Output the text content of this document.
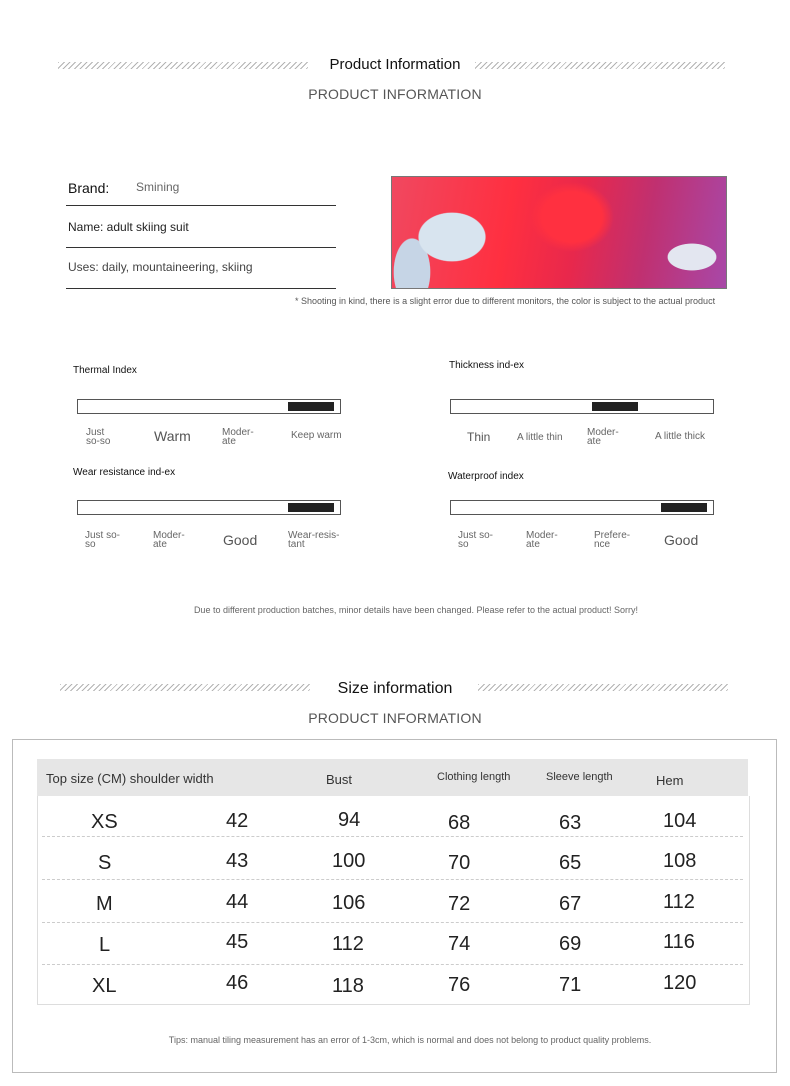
Product Information
PRODUCT INFORMATION
Brand: Smining
Name: adult skiing suit
Uses: daily, mountaineering, skiing
* Shooting in kind, there is a slight error due to different monitors, the color is subject to the actual product
Thermal Index
Just so-so	Warm	Moder-ate
Keep warm
Thickness ind-ex
Thin	A little thin Moder-ate	A little thick
Wear resistance ind-ex
Just so-so
Moder-ate	Good	Wear-resis-tant
Waterproof index
Just so-so
Moder-ate
Prefere-nce	Good
Due to different production batches, minor details have been changed. Please refer to the actual product! Sorry!
Size information
PRODUCT INFORMATION
Top size (CM) shoulder width	Bust	Clothing length	Sleeve length	Hem
XS	42	94	68	63	104
S	43	100	70	65	108
M	44	106	72	67	112
L	45	112	74	69	116
XL	46	118	76	71	120
Tips: manual tiling measurement has an error of 1-3cm, which is normal and does not belong to product quality problems.
